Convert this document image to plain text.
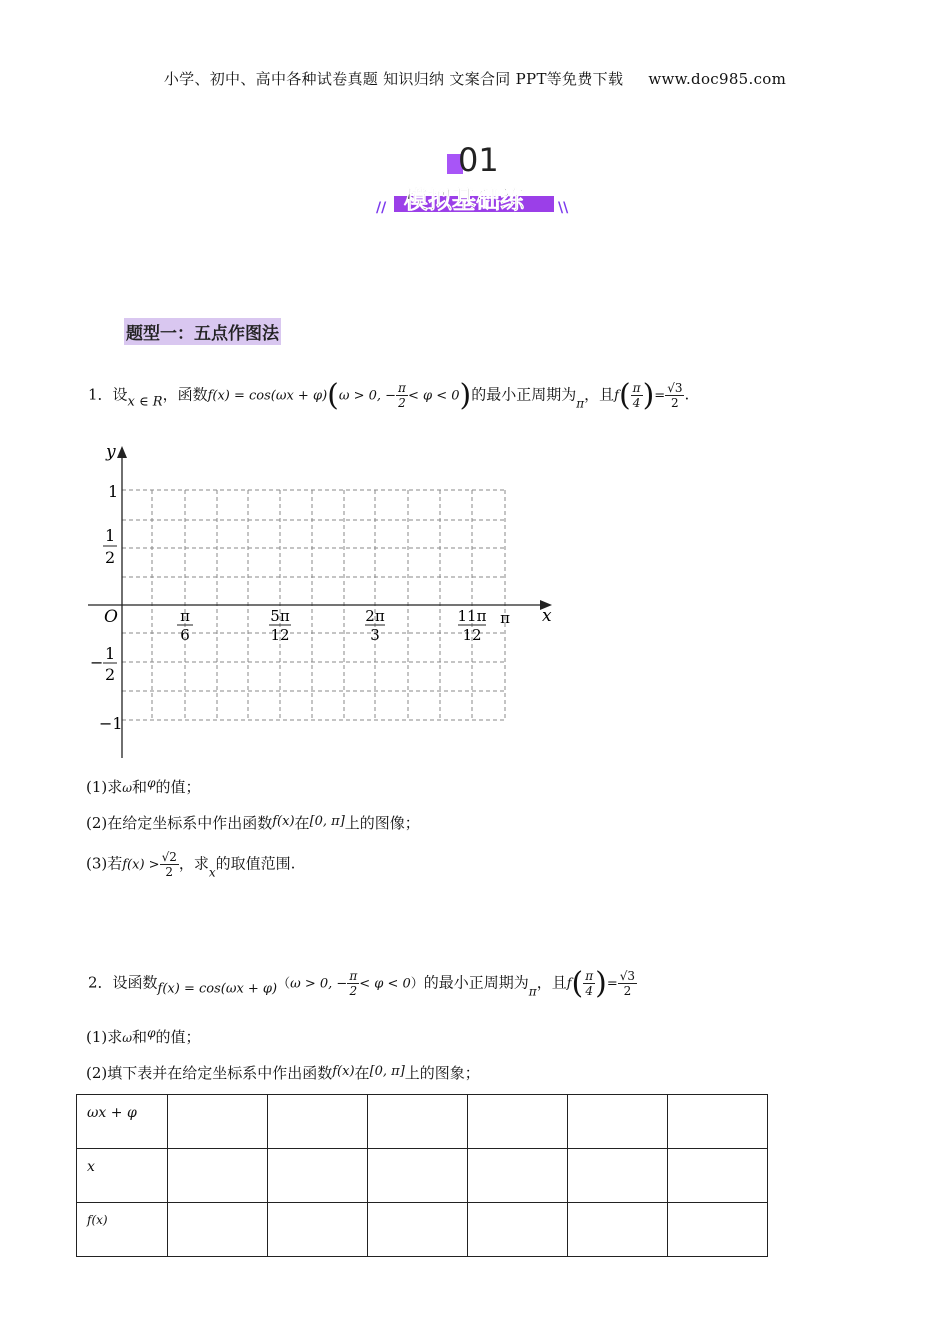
小学、初中、高中各种试卷真题 知识归纳 文案合同 PPT等免费下载 www.doc985.com
01
//	\\
模拟基础练
题型一：五点作图法
1．设x ∈ R，函数f(x) = cos(ωx + φ)(ω > 0, − $\frac{\pi}{2} < \varphi < 0$)的最小正周期为$_\pi$，且$f( \frac{\pi}{4}$ )= $\frac{√3}{2}$ .
y
x
O
1
1
2
− 1
2
−1
π
6
5π
12
2π
3
11π
12
π
(1)求ω和$^\varphi$的值；
(2)在给定坐标系中作出函数f(x)在[0, π]上的图像；
(3)若$f(x) > \frac{√2}{2}$ ，求$_x$的取值范围.
2．设函数f(x) = cos(ωx + φ)（ω > 0, − $\frac{\pi}{2} < \varphi < 0$）的最小正周期为$_\pi$，且$f( \frac{\pi}{4}$ )= $\frac{√3}{2}$
(1)求ω和$^\varphi$的值；
(2)填下表并在给定坐标系中作出函数f(x)在[0, π]上的图象；
ωx + φ						
x						
f(x)						
